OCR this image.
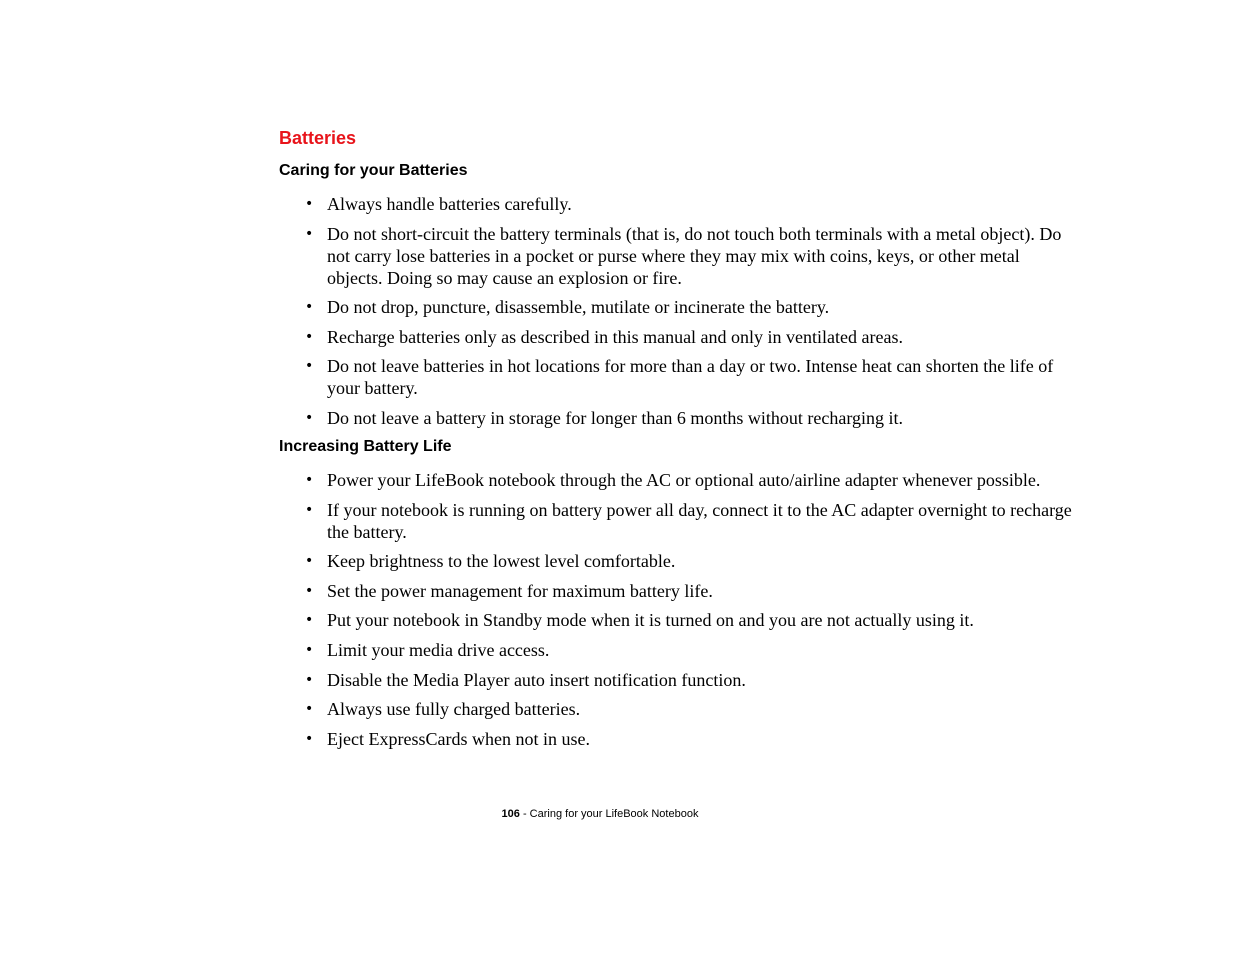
Batteries
Caring for your Batteries
• Always handle batteries carefully.
• Do not short-circuit the battery terminals (that is, do not touch both terminals with a metal object). Do not carry lose batteries in a pocket or purse where they may mix with coins, keys, or other metal objects. Doing so may cause an explosion or fire.
• Do not drop, puncture, disassemble, mutilate or incinerate the battery.
• Recharge batteries only as described in this manual and only in ventilated areas.
• Do not leave batteries in hot locations for more than a day or two. Intense heat can shorten the life of your battery.
• Do not leave a battery in storage for longer than 6 months without recharging it.
Increasing Battery Life
• Power your LifeBook notebook through the AC or optional auto/airline adapter whenever possible.
• If your notebook is running on battery power all day, connect it to the AC adapter overnight to recharge the battery.
• Keep brightness to the lowest level comfortable.
• Set the power management for maximum battery life.
• Put your notebook in Standby mode when it is turned on and you are not actually using it.
• Limit your media drive access.
• Disable the Media Player auto insert notification function.
• Always use fully charged batteries.
• Eject ExpressCards when not in use.
106 - Caring for your LifeBook Notebook
